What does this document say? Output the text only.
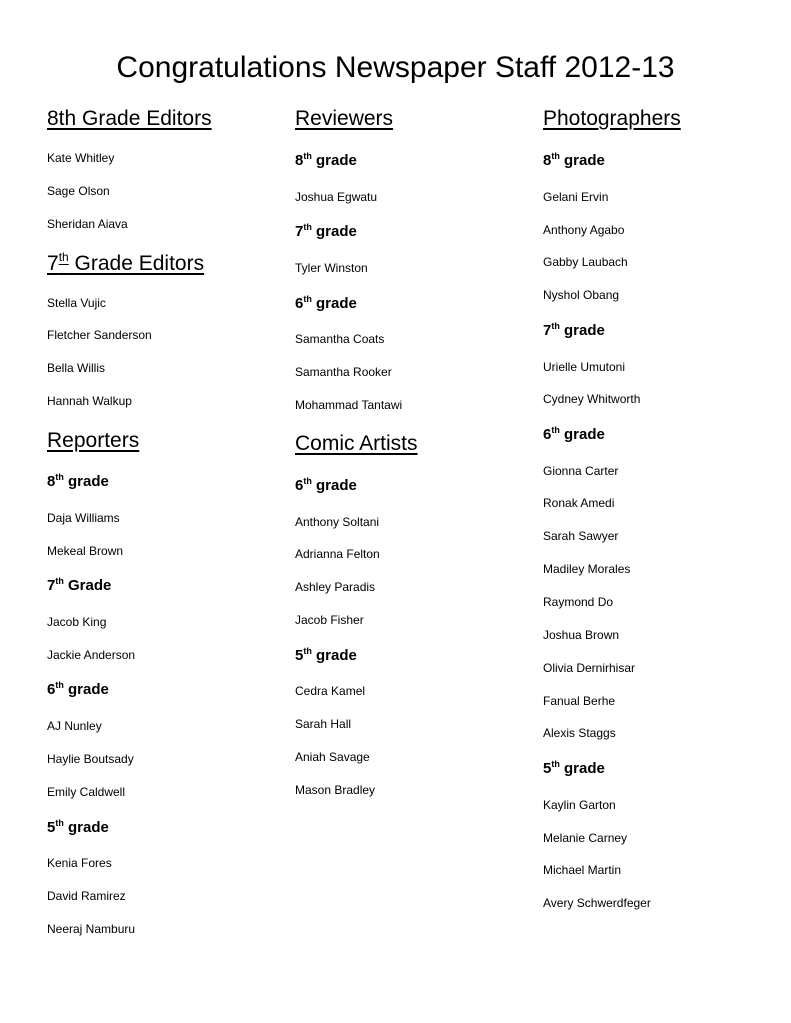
Congratulations Newspaper Staff 2012-13
8th Grade Editors
Kate Whitley
Sage Olson
Sheridan Aiava
7th Grade Editors
Stella Vujic
Fletcher Sanderson
Bella Willis
Hannah Walkup
Reporters
8th grade
Daja Williams
Mekeal Brown
7th Grade
Jacob King
Jackie Anderson
6th grade
AJ Nunley
Haylie Boutsady
Emily Caldwell
5th grade
Kenia Fores
David Ramirez
Neeraj Namburu
Reviewers
8th grade
Joshua Egwatu
7th grade
Tyler Winston
6th grade
Samantha Coats
Samantha Rooker
Mohammad Tantawi
Comic Artists
6th grade
Anthony Soltani
Adrianna Felton
Ashley Paradis
Jacob Fisher
5th grade
Cedra Kamel
Sarah Hall
Aniah Savage
Mason Bradley
Photographers
8th grade
Gelani Ervin
Anthony Agabo
Gabby Laubach
Nyshol Obang
7th grade
Urielle Umutoni
Cydney Whitworth
6th grade
Gionna Carter
Ronak Amedi
Sarah Sawyer
Madiley Morales
Raymond Do
Joshua Brown
Olivia Dernirhisar
Fanual Berhe
Alexis Staggs
5th grade
Kaylin Garton
Melanie Carney
Michael Martin
Avery Schwerdfeger
